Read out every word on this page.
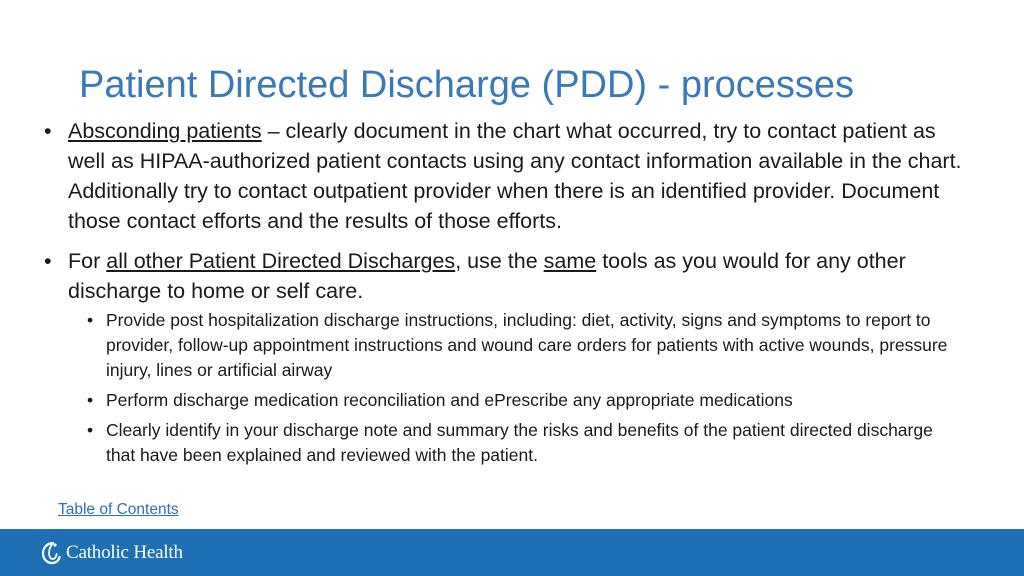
Patient Directed Discharge (PDD) - processes
• Absconding patients – clearly document in the chart what occurred, try to contact patient as well as HIPAA-authorized patient contacts using any contact information available in the chart. Additionally try to contact outpatient provider when there is an identified provider. Document those contact efforts and the results of those efforts.
• For all other Patient Directed Discharges, use the same tools as you would for any other discharge to home or self care.
• Provide post hospitalization discharge instructions, including: diet, activity, signs and symptoms to report to provider, follow-up appointment instructions and wound care orders for patients with active wounds, pressure injury, lines or artificial airway
• Perform discharge medication reconciliation and ePrescribe any appropriate medications
• Clearly identify in your discharge note and summary the risks and benefits of the patient directed discharge that have been explained and reviewed with the patient.
Table of Contents
Catholic Health
